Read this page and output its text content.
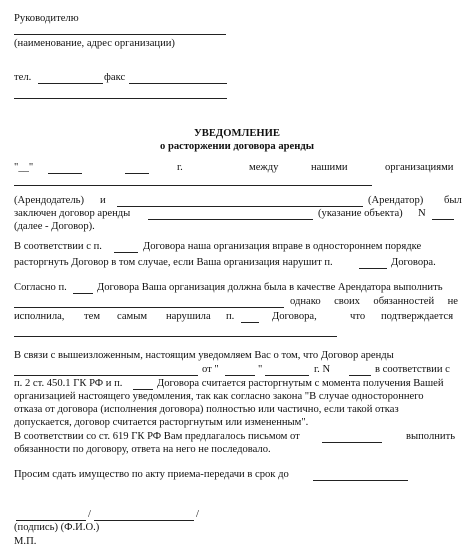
Руководителю
(наименование, адрес организации)
тел.	факс
УВЕДОМЛЕНИЕ
о расторжении договора аренды
"__"	г.	между	нашими	организациями
(Арендодатель) и	(Арендатор) был
заключен договор аренды	(указание объекта) N
(далее - Договор).
В соответствии с п.	Договора наша организация вправе в одностороннем порядке
расторгнуть Договор в том случае, если Ваша организация нарушит п.	Договора.
Согласно п.	Договора Ваша организация должна была в качестве Арендатора выполнить
однако своих обязанностей не
исполнила, тем самым нарушила п.	Договора,	что подтверждается
В связи с вышеизложенным, настоящим уведомляем Вас о том, что Договор аренды
от "	"	г. N	в соответствии с
п. 2 ст. 450.1 ГК РФ и п.	Договора считается расторгнутым с момента получения Вашей
организацией настоящего уведомления, так как согласно закона "В случае одностороннего
отказа от договора (исполнения договора) полностью или частично, если такой отказ
допускается, договор считается расторгнутым или измененным".
В соответствии со ст. 619 ГК РФ Вам предлагалось письмом от	выполнить
обязанности по договору, ответа на него не последовало.
Просим сдать имущество по акту приема-передачи в срок до
/	/
(подпись) (Ф.И.О.)
М.П.
